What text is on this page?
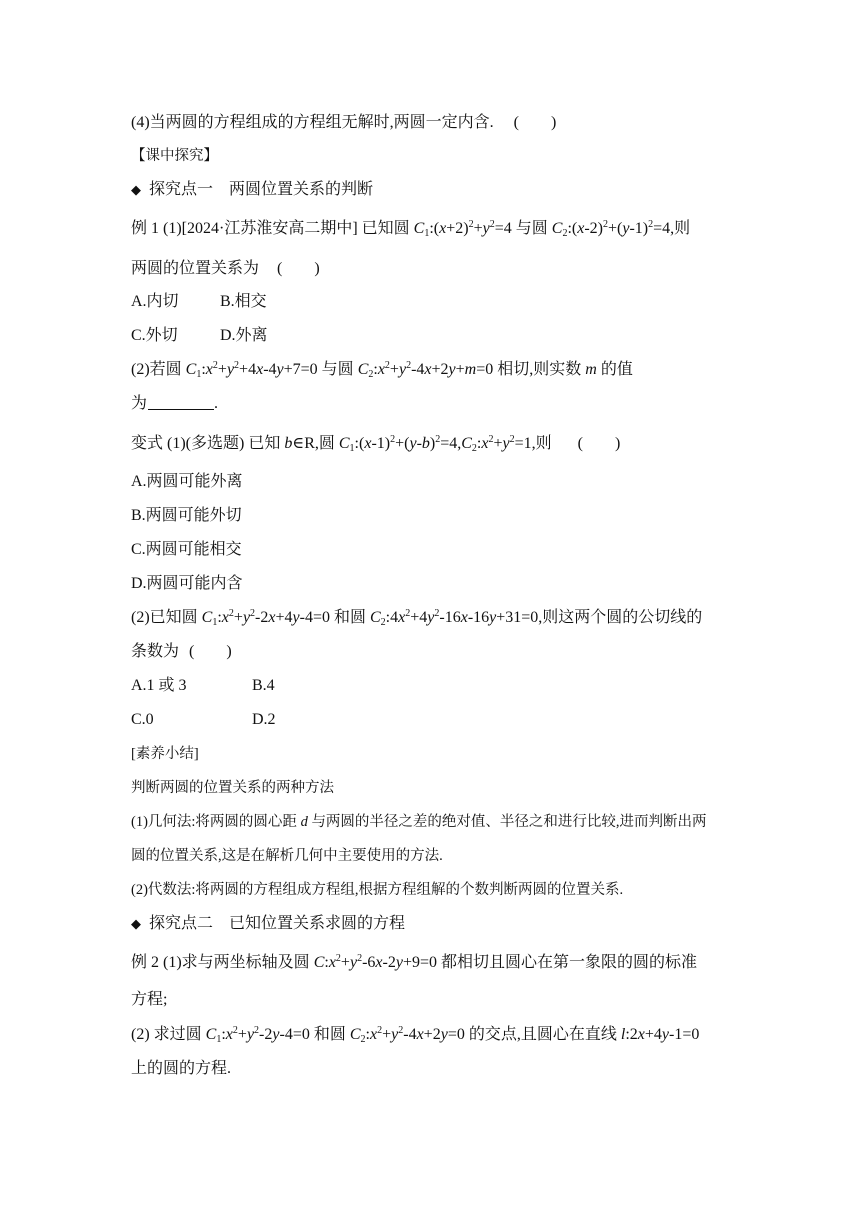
(4)当两圆的方程组成的方程组无解时,两圆一定内含. (　　)
【课中探究】
◆ 探究点一　两圆位置关系的判断
例 1 (1)[2024·江苏淮安高二期中] 已知圆 $C_1:(x+2)^2+y^2=4$ 与圆 $C_2:(x-2)^2+(y-1)^2=4$,则
两圆的位置关系为 (　　)
A.内切	B.相交
C.外切	D.外离
(2)若圆 $C_1:x^2+y^2+4x-4y+7=0$ 与圆 $C_2:x^2+y^2-4x+2y+m=0$ 相切,则实数 m 的值
为	.
变式 (1)(多选题) 已知 b∈R,圆 $C_1:(x-1)^2+(y-b)^2=4,C_2:x^2+y^2=1$,则 (　　)
A.两圆可能外离
B.两圆可能外切
C.两圆可能相交
D.两圆可能内含
(2)已知圆 $C_1:x^2+y^2-2x+4y-4=0$ 和圆 $C_2:4x^2+4y^2-16x-16y+31=0$,则这两个圆的公切线的
条数为 (　　)
A.1 或 3	B.4
C.0	D.2
[素养小结]
判断两圆的位置关系的两种方法
(1)几何法:将两圆的圆心距 d 与两圆的半径之差的绝对值、半径之和进行比较,进而判断出两
圆的位置关系,这是在解析几何中主要使用的方法.
(2)代数法:将两圆的方程组成方程组,根据方程组解的个数判断两圆的位置关系.
◆ 探究点二　已知位置关系求圆的方程
例 2 (1)求与两坐标轴及圆 $C:x^2+y^2-6x-2y+9=0$ 都相切且圆心在第一象限的圆的标准
方程;
(2) 求过圆 $C_1:x^2+y^2-2y-4=0$ 和圆 $C_2:x^2+y^2-4x+2y=0$ 的交点,且圆心在直线 l:2x+4y-1=0
上的圆的方程.
